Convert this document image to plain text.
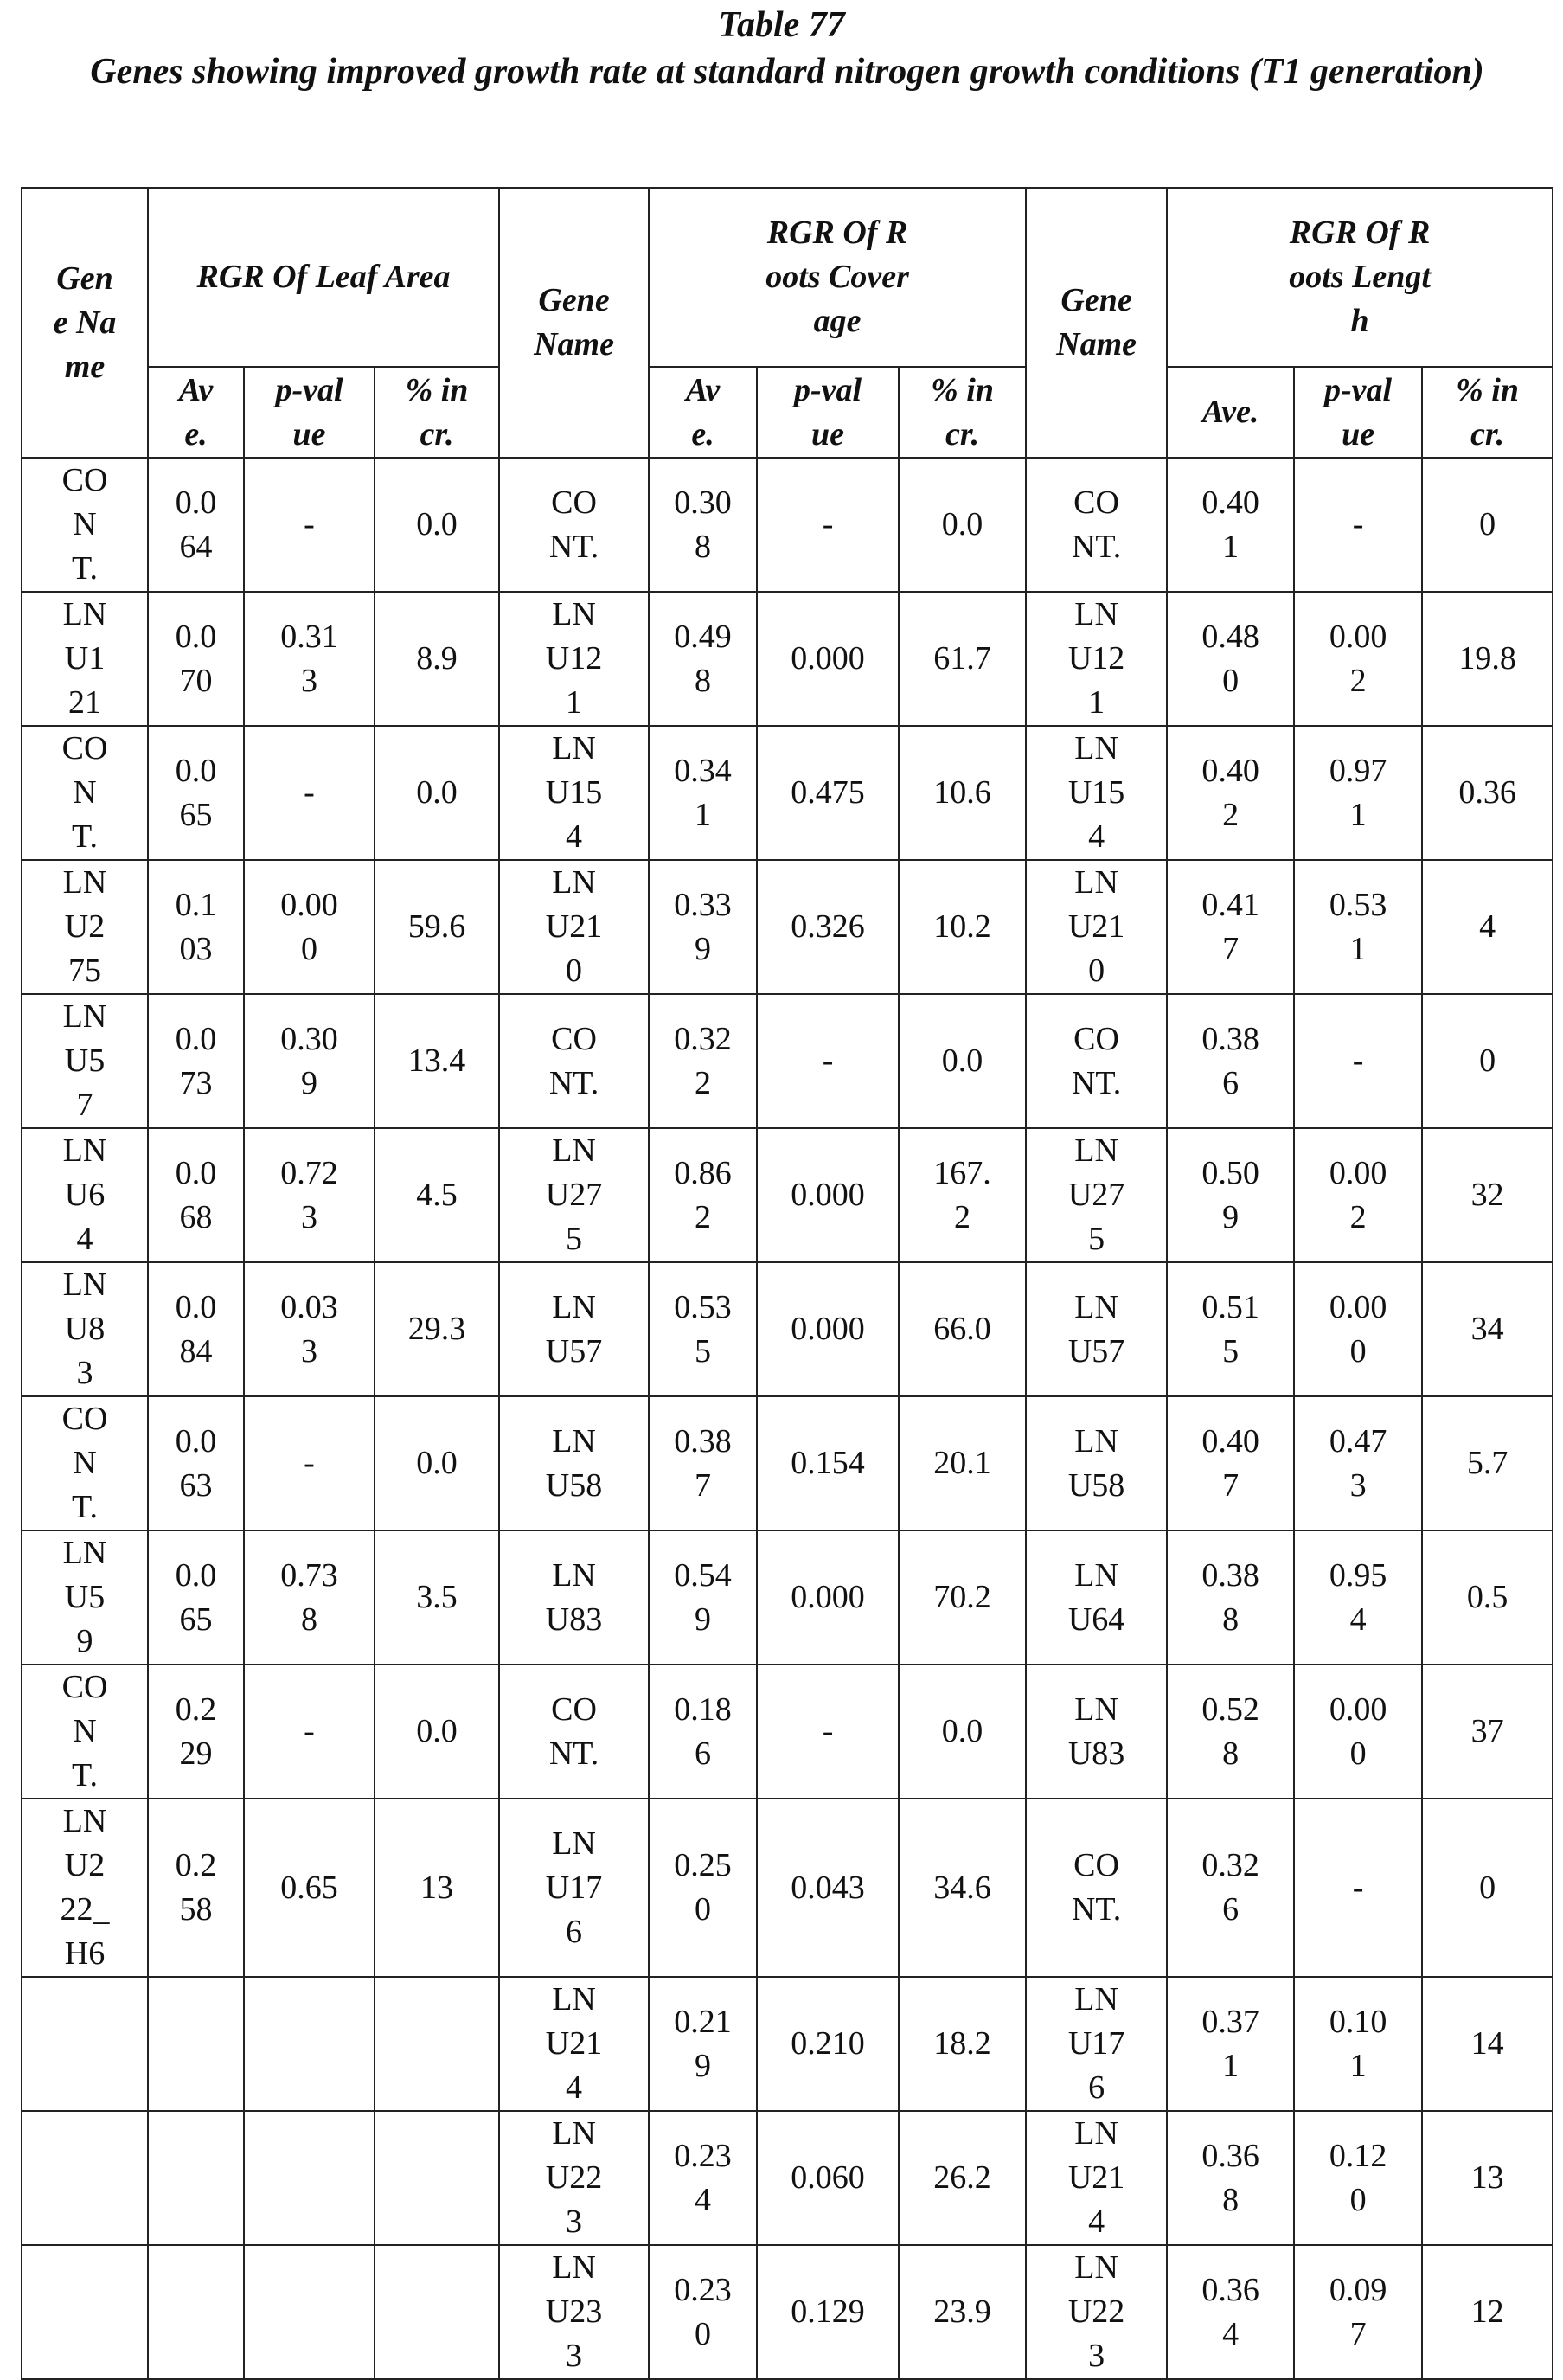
Table 77
Genes showing improved growth rate at standard nitrogen growth conditions (T1 generation)
Gene Name	RGR Of Leaf Area	Gene Name	RGR Of Roots Coverage	Gene Name	RGR Of Roots Length
Ave.	p-value	% incr.	Ave.	p-value	% incr.	Ave.	p-value	% incr.
CONT.	0.064	-	0.0	CONT.	0.308	-	0.0	CONT.	0.401	-	0
LNU121	0.070	0.313	8.9	LNU121	0.498	0.000	61.7	LNU121	0.480	0.002	19.8
CONT.	0.065	-	0.0	LNU154	0.341	0.475	10.6	LNU154	0.402	0.971	0.36
LNU275	0.103	0.000	59.6	LNU210	0.339	0.326	10.2	LNU210	0.417	0.531	4
LNU57	0.073	0.309	13.4	CONT.	0.322	-	0.0	CONT.	0.386	-	0
LNU64	0.068	0.723	4.5	LNU275	0.862	0.000	167.2	LNU275	0.509	0.002	32
LNU83	0.084	0.033	29.3	LNU57	0.535	0.000	66.0	LNU57	0.515	0.000	34
CONT.	0.063	-	0.0	LNU58	0.387	0.154	20.1	LNU58	0.407	0.473	5.7
LNU59	0.065	0.738	3.5	LNU83	0.549	0.000	70.2	LNU64	0.388	0.954	0.5
CONT.	0.229	-	0.0	CONT.	0.186	-	0.0	LNU83	0.528	0.000	37
LNU222_H6	0.258	0.65	13	LNU176	0.250	0.043	34.6	CONT.	0.326	-	0
				LNU214	0.219	0.210	18.2	LNU176	0.371	0.101	14
				LNU223	0.234	0.060	26.2	LNU214	0.368	0.120	13
				LNU233	0.230	0.129	23.9	LNU223	0.364	0.097	12
